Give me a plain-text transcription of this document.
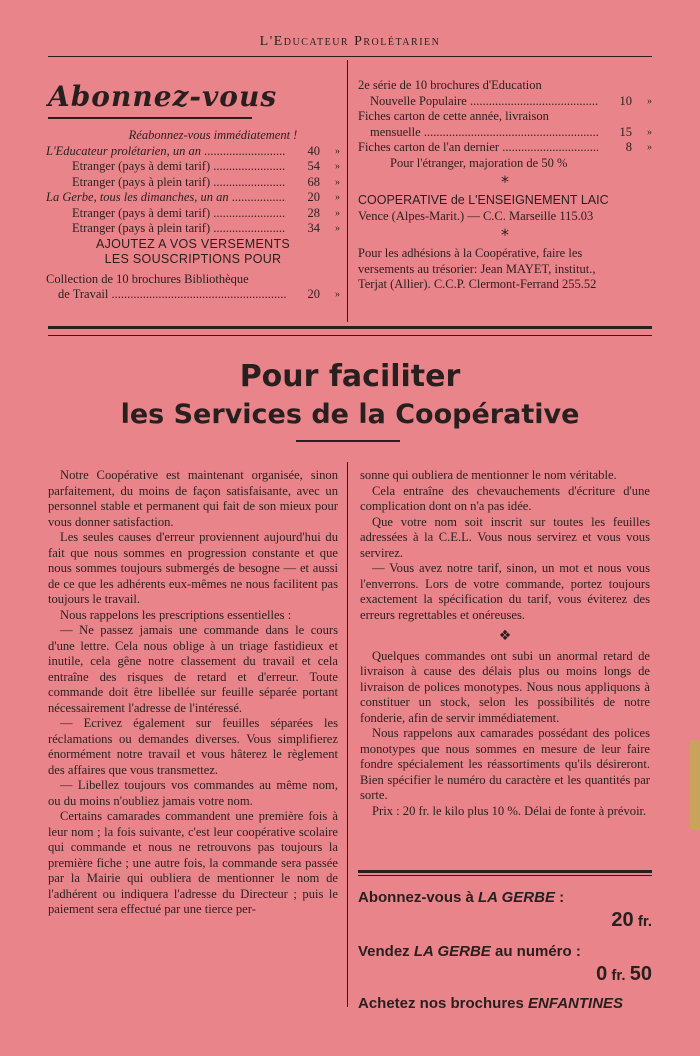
L'Educateur Prolétarien
Abonnez-vous
Réabonnez-vous immédiatement !
L'Educateur prolétarien, un an .....	40	»
Etranger (pays à demi tarif) .....	54	»
Etranger (pays à plein tarif) .....	68	»
La Gerbe, tous les dimanches, un an .....	20	»
Etranger (pays à demi tarif) .....	28	»
Etranger (pays à plein tarif) .....	34	»
AJOUTEZ A VOS VERSEMENTS
LES SOUSCRIPTIONS POUR
Collection de 10 brochures Bibliothèque
de Travail .....	20	»
2e série de 10 brochures d'Education
Nouvelle Populaire .....	10	»
Fiches carton de cette année, livraison
mensuelle .....	15	»
Fiches carton de l'an dernier .....	8	»
Pour l'étranger, majoration de 50 %
*
COOPERATIVE de L'ENSEIGNEMENT LAIC
Vence (Alpes-Marit.) — C.C. Marseille 115.03
*
Pour les adhésions à la Coopérative, faire les
versements au trésorier: Jean MAYET, institut.,
Terjat (Allier). C.C.P. Clermont-Ferrand 255.52
Pour faciliter
les Services de la Coopérative

Notre Coopérative est maintenant organisée, sinon parfaitement, du moins de façon satisfaisante, avec un personnel stable et permanent qui fait de son mieux pour vous donner satisfaction.

Les seules causes d'erreur proviennent aujourd'hui du fait que nous sommes en progression constante et que nous sommes toujours submergés de besogne — et aussi de ce que les adhérents eux-mêmes ne nous facilitent pas toujours le travail.

Nous rappelons les prescriptions essentielles :

— Ne passez jamais une commande dans le cours d'une lettre. Cela nous oblige à un triage fastidieux et inutile, cela gêne notre classement du travail et cela entraîne des risques de retard et d'erreur. Toute commande doit être libellée sur feuille séparée portant nécessairement l'adresse de l'intéressé.

— Ecrivez également sur feuilles séparées les réclamations ou demandes diverses. Vous simplifierez énormément notre travail et vous hâterez le règlement des affaires que vous transmettez.

— Libellez toujours vos commandes au même nom, ou du moins n'oubliez jamais votre nom.

Certains camarades commandent une première fois à leur nom ; la fois suivante, c'est leur coopérative scolaire qui commande et nous ne retrouvons pas toujours la première fiche ; une autre fois, la commande sera passée par la Mairie qui oubliera de mentionner le nom de l'adhérent ou indiquera l'adresse du Directeur ; puis le paiement sera effectué par une tierce per-

sonne qui oubliera de mentionner le nom véritable.

Cela entraîne des chevauchements d'écriture d'une complication dont on n'a pas idée.

Que votre nom soit inscrit sur toutes les feuilles adressées à la C.E.L. Vous nous servirez et vous vous servirez.

— Vous avez notre tarif, sinon, un mot et nous vous l'enverrons. Lors de votre commande, portez toujours exactement la spécification du tarif, vous éviterez des erreurs regrettables et onéreuses.

❖

Quelques commandes ont subi un anormal retard de livraison à cause des délais plus ou moins longs de livraison de polices monotypes. Nous nous appliquons à constituer un stock, selon les possibilités de notre fonderie, afin de servir immédiatement.

Nous rappelons aux camarades possédant des polices monotypes que nous sommes en mesure de leur faire fondre spécialement les réassortiments qu'ils désireront. Bien spécifier le numéro du caractère et les quantités par sorte.

Prix : 20 fr. le kilo plus 10 %. Délai de fonte à prévoir.

Abonnez-vous à LA GERBE :
20 fr.
Vendez LA GERBE au numéro :
0 fr. 50
Achetez nos brochures ENFANTINES
